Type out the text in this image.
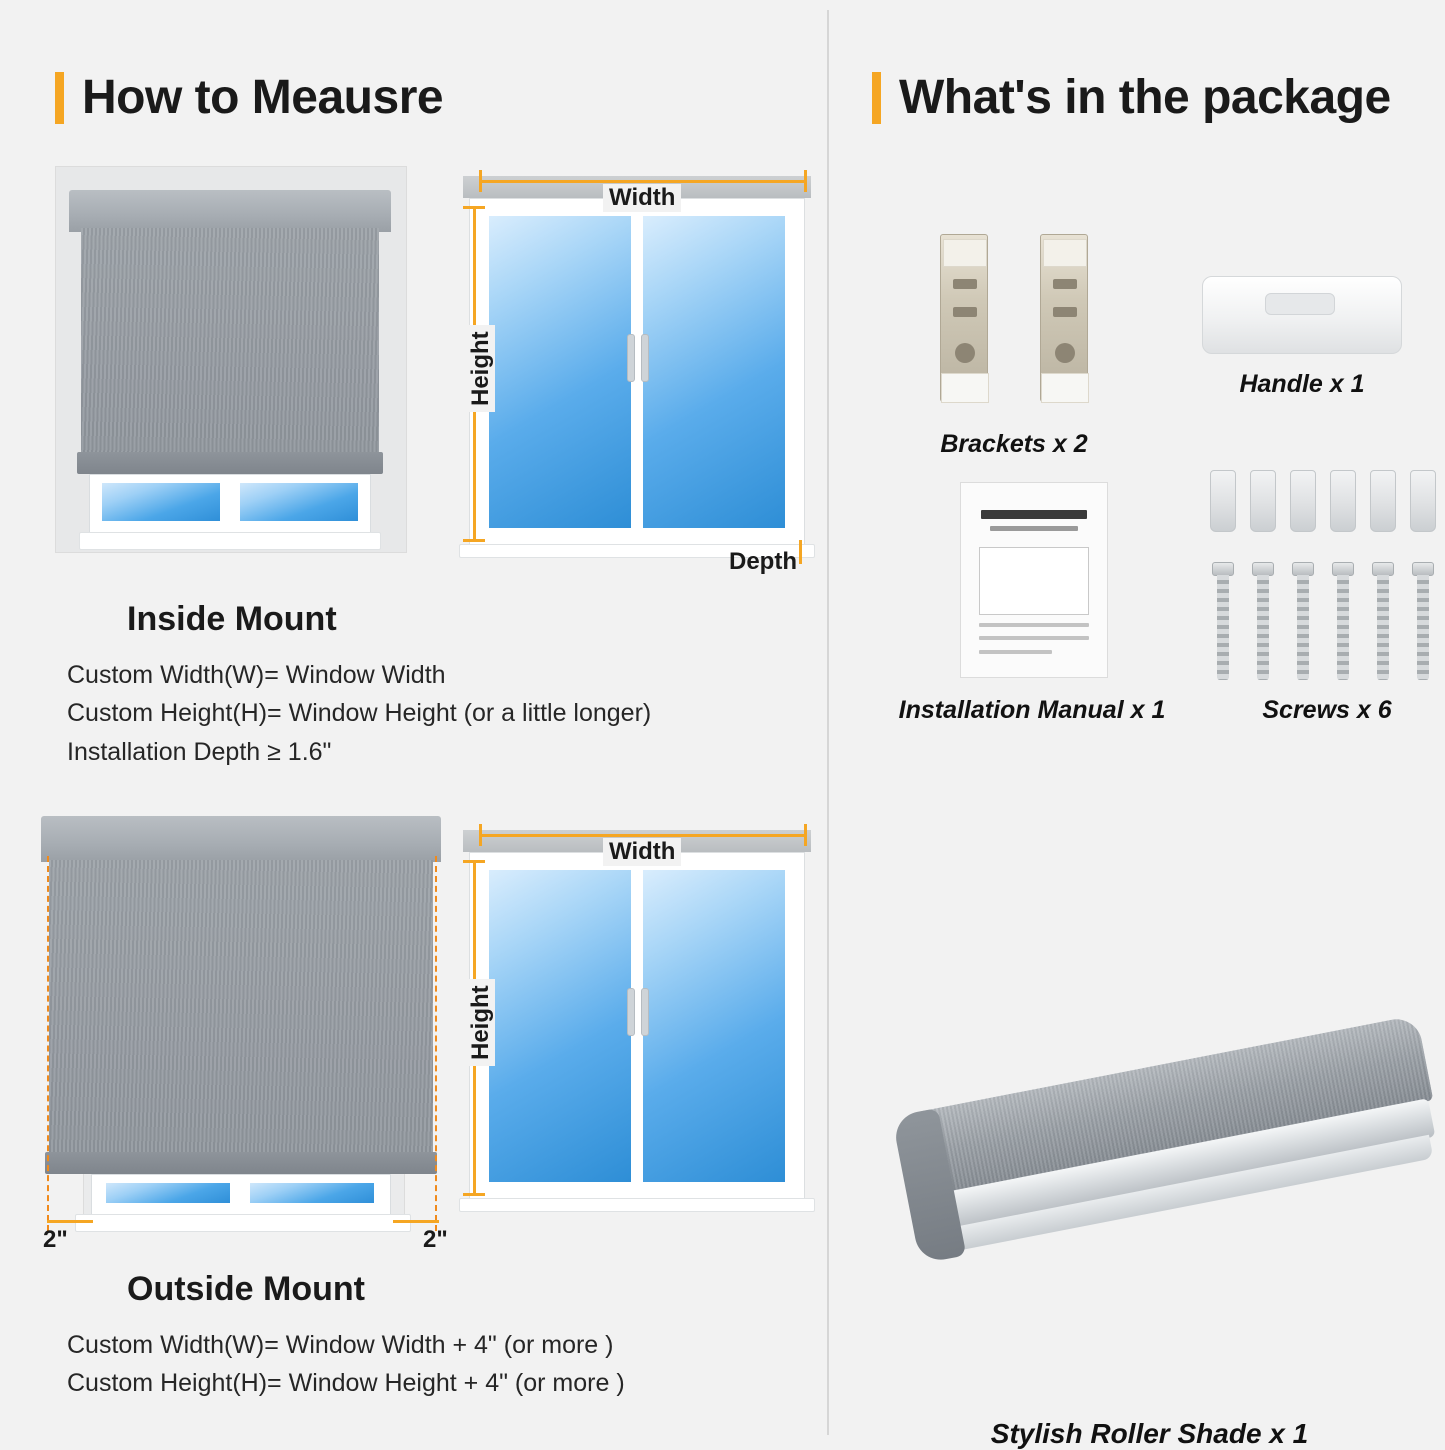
How to Meausre
Width
Height
Depth
Inside Mount
Custom Width(W)= Window Width
Custom Height(H)= Window Height (or a little longer)
Installation Depth ≥ 1.6"
2"	2"
Width
Height
Outside Mount
Custom Width(W)= Window Width + 4" (or more )
Custom Height(H)= Window Height + 4" (or more )
What's in the package
Brackets x 2
Handle x 1
Installation Manual x 1	Screws x 6
Stylish Roller Shade x 1
